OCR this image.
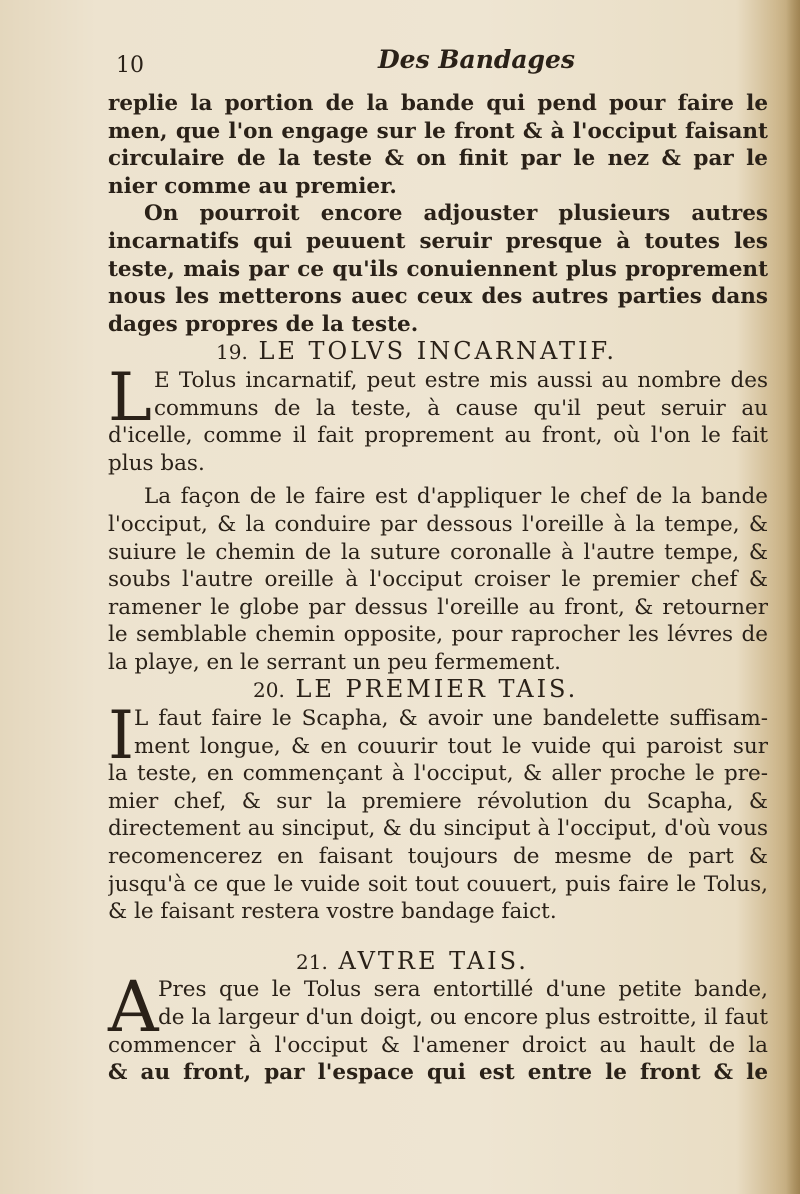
10	Des Bandages
replie la portion de la bande qui pend pour faire le
men, que l'on engage sur le front & à l'occiput faisant
circulaire de la teste & on finit par le nez & par le
nier comme au premier.
On pourroit encore adjouster plusieurs autres
incarnatifs qui peuuent seruir presque à toutes les
teste, mais par ce qu'ils conuiennent plus proprement
nous les metterons auec ceux des autres parties dans
dages propres de la teste.
19. LE TOLVS INCARNATIF.
L E Tolus incarnatif, peut estre mis aussi au nombre des
communs de la teste, à cause qu'il peut seruir au
d'icelle, comme il fait proprement au front, où l'on le fait
plus bas.
La façon de le faire est d'appliquer le chef de la bande
l'occiput, & la conduire par dessous l'oreille à la tempe, &
suiure le chemin de la suture coronalle à l'autre tempe, &
soubs l'autre oreille à l'occiput croiser le premier chef &
ramener le globe par dessus l'oreille au front, & retourner
le semblable chemin opposite, pour raprocher les lévres de
la playe, en le serrant un peu fermement.
20. LE PREMIER TAIS.
I L faut faire le Scapha, & avoir une bandelette suffisam-
ment longue, & en couurir tout le vuide qui paroist sur
la teste, en commençant à l'occiput, & aller proche le pre-
mier chef, & sur la premiere révolution du Scapha, &
directement au sinciput, & du sinciput à l'occiput, d'où vous
recomencerez en faisant toujours de mesme de part &
jusqu'à ce que le vuide soit tout couuert, puis faire le Tolus,
& le faisant restera vostre bandage faict.
21. AVTRE TAIS.
A Pres que le Tolus sera entortillé d'une petite bande,
de la largeur d'un doigt, ou encore plus estroitte, il faut
commencer à l'occiput & l'amener droict au hault de la
& au front, par l'espace qui est entre le front & le
